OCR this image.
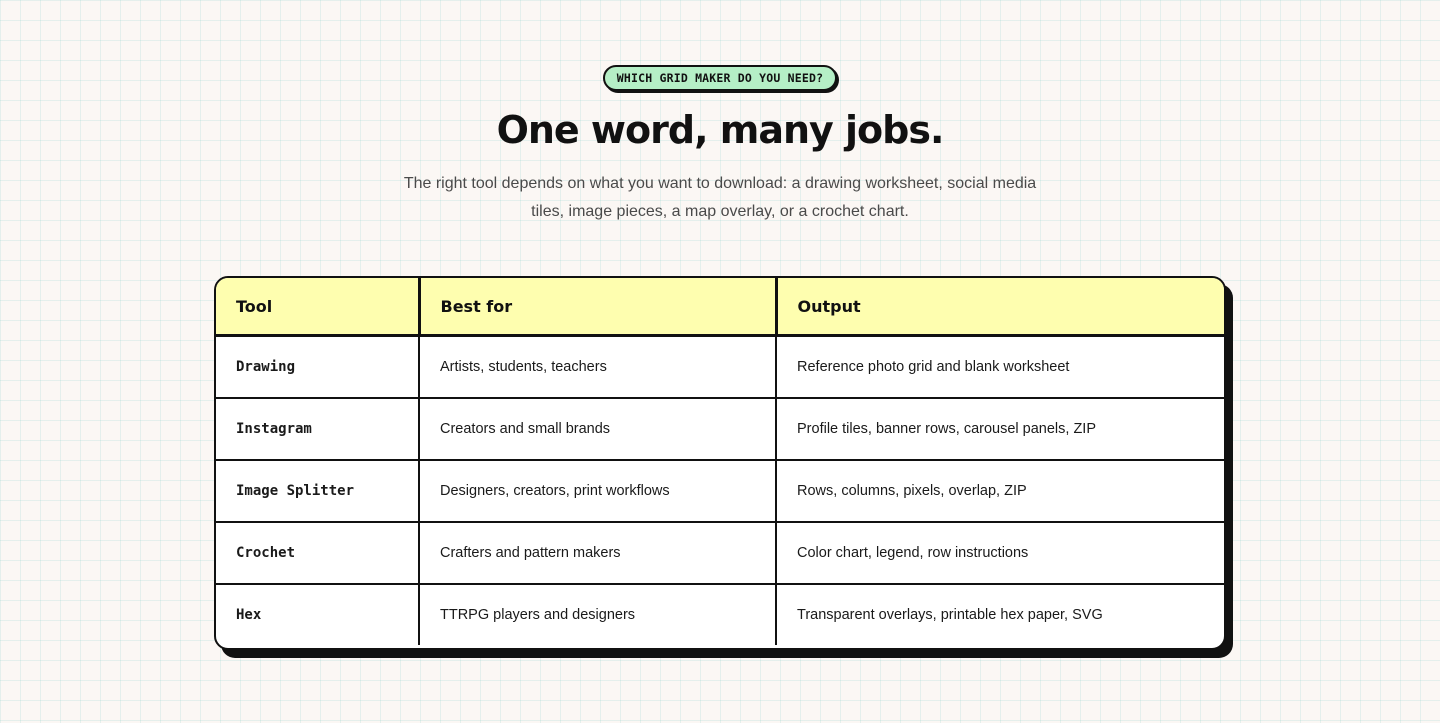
WHICH GRID MAKER DO YOU NEED?
One word, many jobs.

The right tool depends on what you want to download: a drawing worksheet, social media tiles, image pieces, a map overlay, or a crochet chart.

Tool	Best for	Output
Drawing	Artists, students, teachers	Reference photo grid and blank worksheet
Instagram	Creators and small brands	Profile tiles, banner rows, carousel panels, ZIP
Image Splitter	Designers, creators, print workflows	Rows, columns, pixels, overlap, ZIP
Crochet	Crafters and pattern makers	Color chart, legend, row instructions
Hex	TTRPG players and designers	Transparent overlays, printable hex paper, SVG
